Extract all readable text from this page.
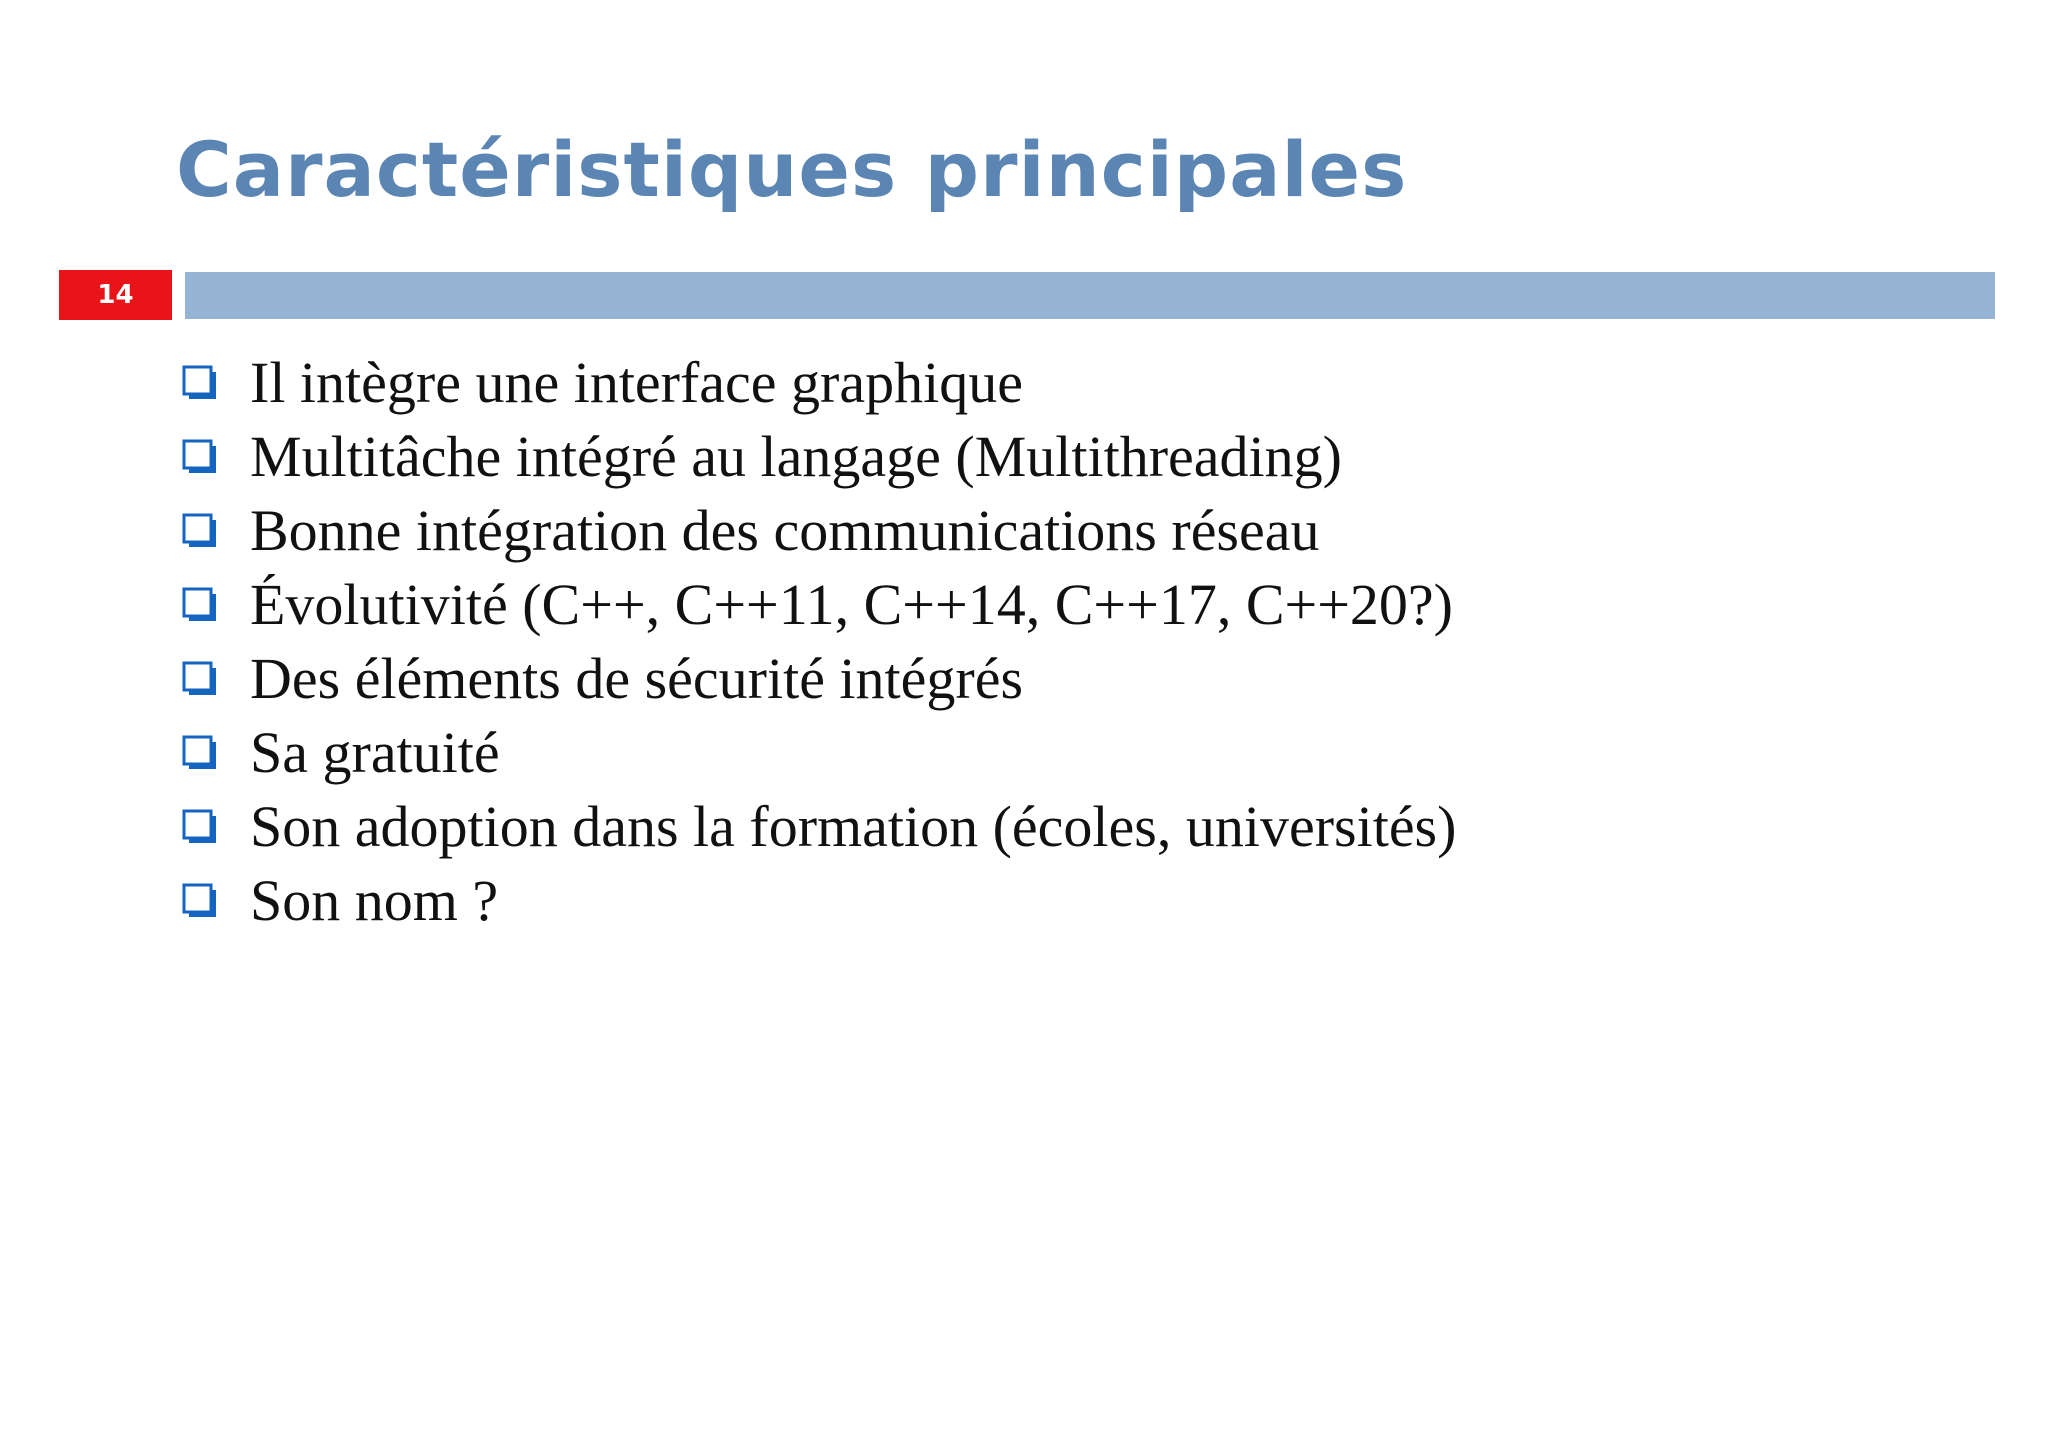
Caractéristiques principales
14
Il intègre une interface graphique
Multitâche intégré au langage (Multithreading)
Bonne intégration des communications réseau
Évolutivité (C++, C++11, C++14, C++17, C++20?)
Des éléments de sécurité intégrés
Sa gratuité
Son adoption dans la formation (écoles, universités)
Son nom ?
